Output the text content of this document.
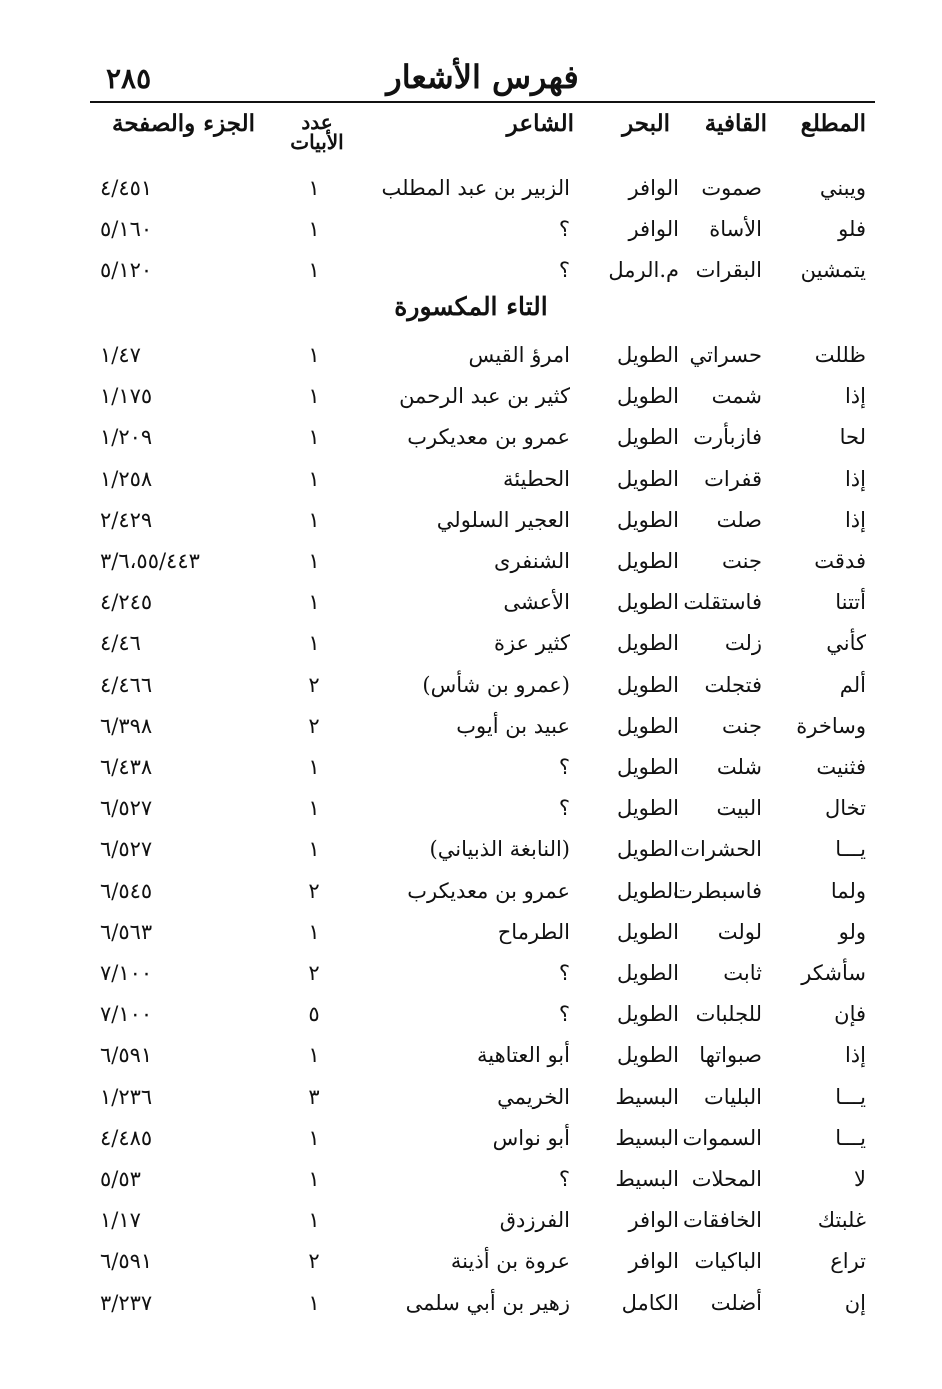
٢٨٥	فهرس الأشعار
المطلع
القافية
البحر
الشاعر
عدد
الأبيات
الجزء والصفحة
ويبني
صموت
الوافر
الزبير بن عبد المطلب
١
٤/٤٥١
فلو
الأساة
الوافر
؟
١
٥/١٦٠
يتمشين
البقرات
م.الرمل
؟
١
٥/١٢٠
التاء المكسورة
ظللت
حسراتي
الطويل
امرؤ القيس
١
١/٤٧
إذا
شمت
الطويل
كثير بن عبد الرحمن
١
١/١٧٥
لحا
فازبأرت
الطويل
عمرو بن معديكرب
١
١/٢٠٩
إذا
قفرات
الطويل
الحطيئة
١
١/٢٥٨
إذا
صلت
الطويل
العجير السلولي
١
٢/٤٢٩
فدقت
جنت
الطويل
الشنفرى
١
٣/٦،٥٥/٤٤٣
أتتنا
فاستقلت
الطويل
الأعشى
١
٤/٢٤٥
كأني
زلت
الطويل
كثير عزة
١
٤/٤٦
ألم
فتجلت
الطويل
(عمرو بن شأس)
٢
٤/٤٦٦
وساخرة
جنت
الطويل
عبيد بن أيوب
٢
٦/٣٩٨
فثنيت
شلت
الطويل
؟
١
٦/٤٣٨
تخال
البيت
الطويل
؟
١
٦/٥٢٧
يـــا
الحشرات
الطويل
(النابغة الذبياني)
١
٦/٥٢٧
ولما
فاسبطرت
الطويل
عمرو بن معديكرب
٢
٦/٥٤٥
ولو
لولت
الطويل
الطرماح
١
٦/٥٦٣
سأشكر
ثابت
الطويل
؟
٢
٧/١٠٠
فإن
للجلبات
الطويل
؟
٥
٧/١٠٠
إذا
صبواتها
الطويل
أبو العتاهية
١
٦/٥٩١
يـــا
البليات
البسيط
الخريمي
٣
١/٢٣٦
يـــا
السموات
البسيط
أبو نواس
١
٤/٤٨٥
لا
المحلات
البسيط
؟
١
٥/٥٣
غلبتك
الخافقات
الوافر
الفرزدق
١
١/١٧
تراع
الباكيات
الوافر
عروة بن أذينة
٢
٦/٥٩١
إن
أضلت
الكامل
زهير بن أبي سلمى
١
٣/٢٣٧
